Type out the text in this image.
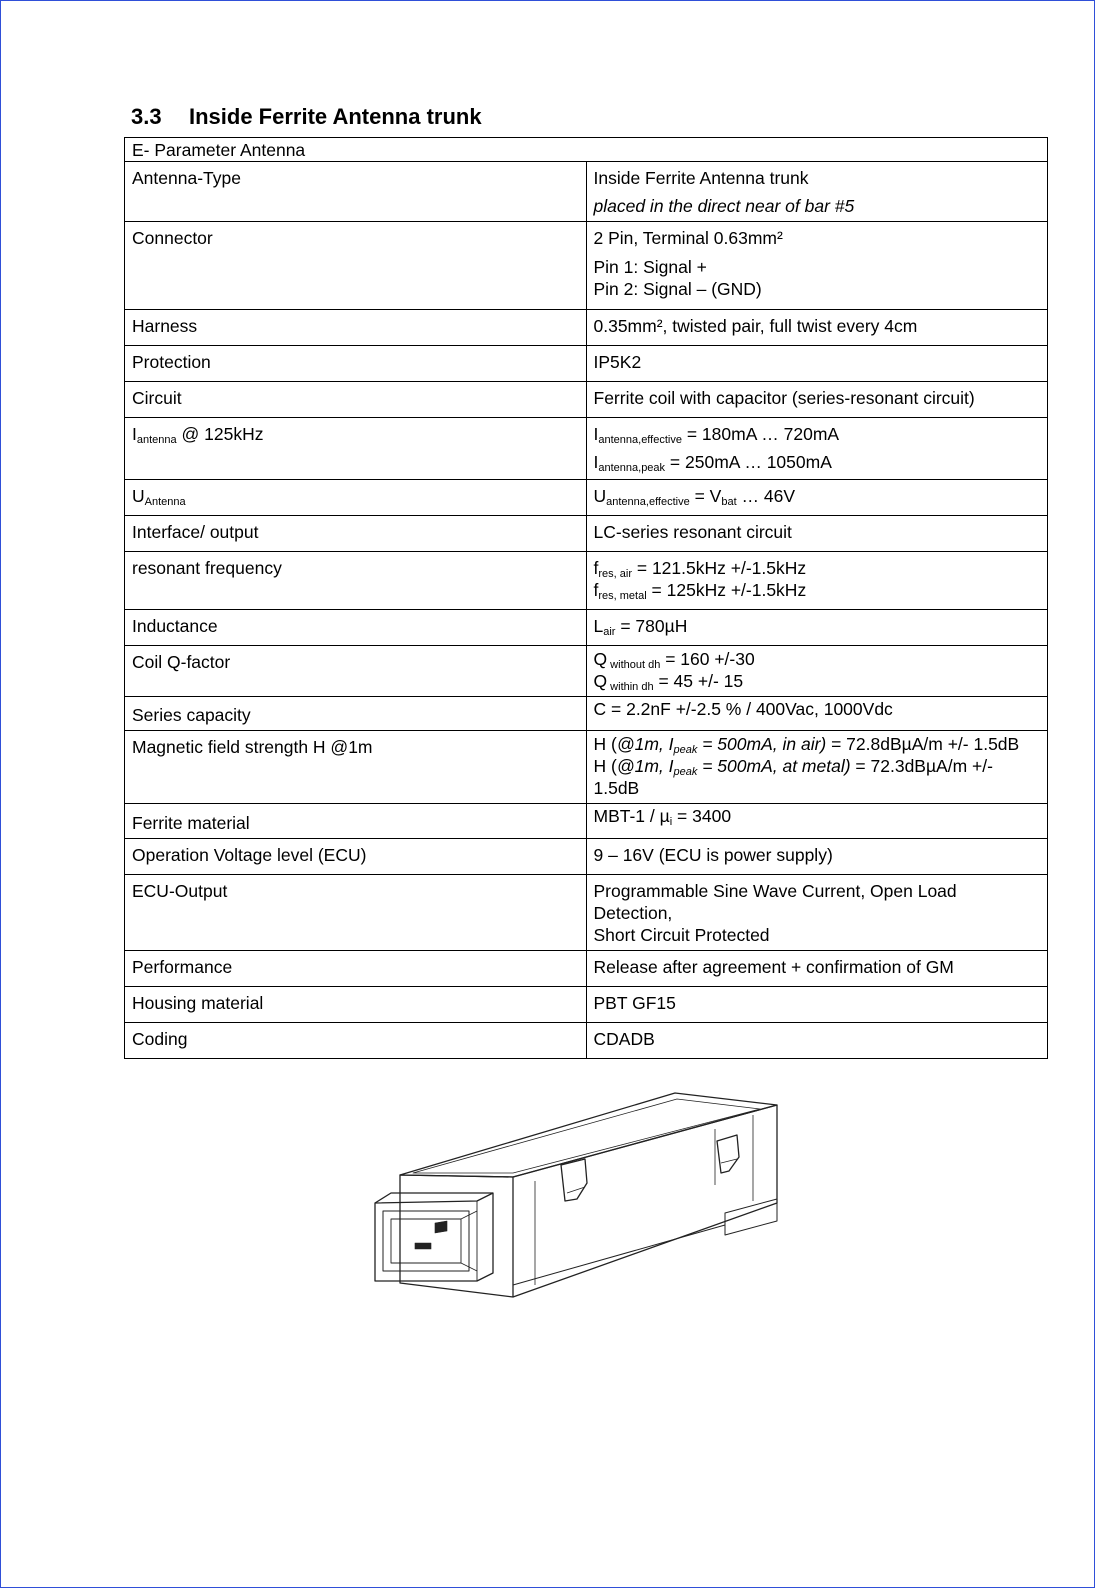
3.3 Inside Ferrite Antenna trunk
E- Parameter Antenna	
Antenna-Type	Inside Ferrite Antenna trunk
placed in the direct near of bar #5

Connector	2 Pin, Terminal 0.63mm²
Pin 1: Signal +
Pin 2: Signal – (GND)

Harness	0.35mm², twisted pair, full twist every 4cm
Protection	IP5K2
Circuit	Ferrite coil with capacitor (series-resonant circuit)
$I_{antenna}$ @ 125kHz	$I_{antenna,effective} = 180mA$ … 720mA
$I_{antenna,peak} = 250mA$ … 1050mA

$U_{Antenna}$	$U_{antenna,effective} = V_{bat}$ … 46V
Interface/ output	LC-series resonant circuit
resonant frequency	$f_{res, air} = 121.5kHz +/-1.5kHz$
$f_{res, metal} = 125kHz +/-1.5kHz$

Inductance	$L_{air} = 780\mu H$
Coil Q-factor	Q $_{without dh}$ = 160 +/-30
Q $_{within dh}$ = 45 +/- 15

Series capacity	C = 2.2nF +/-2.5 % / 400Vac, 1000Vdc
Magnetic field strength H @1m	H (@1m, $I_{peak} = 500mA$, in air) = 72.8dBµA/m +/- 1.5dB
H (@1m, $I_{peak} = 500mA$, at metal) = 72.3dBµA/m +/- 1.5dB

Ferrite material	MBT-1 / µ$_i$ = 3400
Operation Voltage level (ECU)	9 – 16V (ECU is power supply)
ECU-Output	Programmable Sine Wave Current, Open Load Detection,
Short Circuit Protected

Performance	Release after agreement + confirmation of GM
Housing material	PBT GF15
Coding	CDADB
